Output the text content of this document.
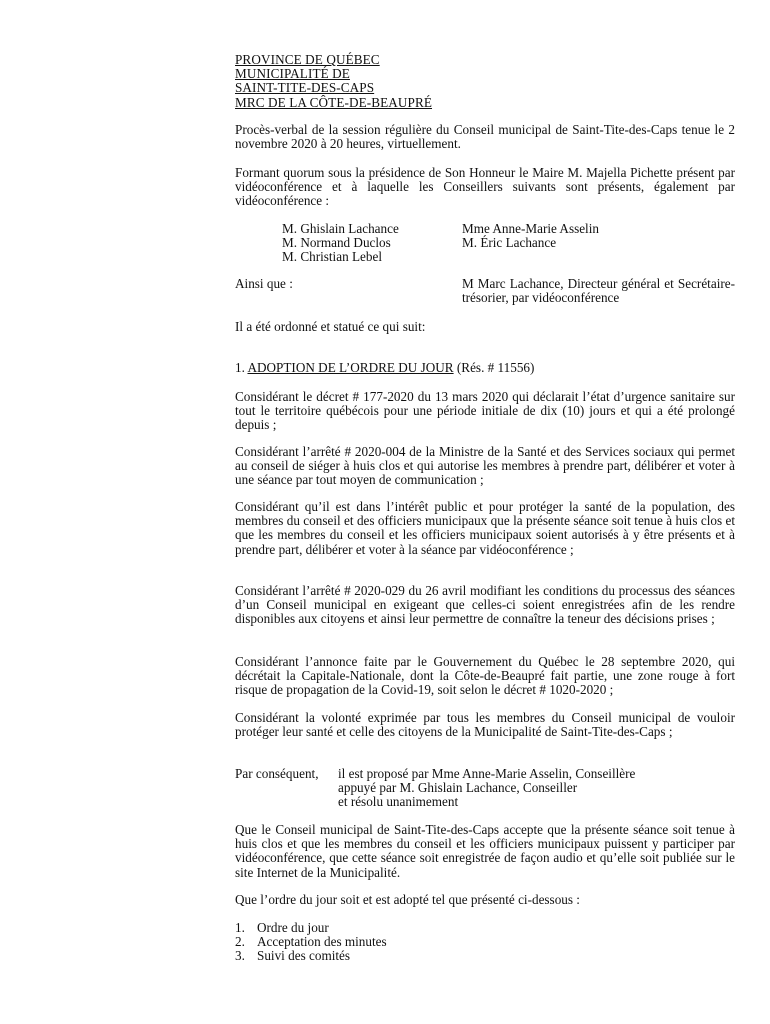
PROVINCE DE QUÉBEC
MUNICIPALITÉ DE
SAINT-TITE-DES-CAPS
MRC DE LA CÔTE-DE-BEAUPRÉ

Procès-verbal de la session régulière du Conseil municipal de Saint-Tite-des-Caps tenue le 2 novembre 2020 à 20 heures, virtuellement.

Formant quorum sous la présidence de Son Honneur le Maire M. Majella Pichette présent par vidéoconférence et à laquelle les Conseillers suivants sont présents, également par vidéoconférence :

M. Ghislain Lachance
M. Normand Duclos
M. Christian Lebel
Mme Anne-Marie Asselin
M. Éric Lachance
Ainsi que :	M Marc Lachance, Directeur général et Secrétaire-trésorier, par vidéoconférence

Il a été ordonné et statué ce qui suit:

1. ADOPTION DE L’ORDRE DU JOUR (Rés. # 11556)

Considérant le décret # 177-2020 du 13 mars 2020 qui déclarait l’état d’urgence sanitaire sur tout le territoire québécois pour une période initiale de dix (10) jours et qui a été prolongé depuis ;

Considérant l’arrêté # 2020-004 de la Ministre de la Santé et des Services sociaux qui permet au conseil de siéger à huis clos et qui autorise les membres à prendre part, délibérer et voter à une séance par tout moyen de communication ;

Considérant qu’il est dans l’intérêt public et pour protéger la santé de la population, des membres du conseil et des officiers municipaux que la présente séance soit tenue à huis clos et que les membres du conseil et les officiers municipaux soient autorisés à y être présents et à prendre part, délibérer et voter à la séance par vidéoconférence ;

Considérant l’arrêté # 2020-029 du 26 avril modifiant les conditions du processus des séances d’un Conseil municipal en exigeant que celles-ci soient enregistrées afin de les rendre disponibles aux citoyens et ainsi leur permettre de connaître la teneur des décisions prises ;

Considérant l’annonce faite par le Gouvernement du Québec le 28 septembre 2020, qui décrétait la Capitale-Nationale, dont la Côte-de-Beaupré fait partie, une zone rouge à fort risque de propagation de la Covid-19, soit selon le décret # 1020-2020 ;

Considérant la volonté exprimée par tous les membres du Conseil municipal de vouloir protéger leur santé et celle des citoyens de la Municipalité de Saint-Tite-des-Caps ;

Par conséquent, il est proposé par Mme Anne-Marie Asselin, Conseillère
appuyé par M. Ghislain Lachance, Conseiller
et résolu unanimement

Que le Conseil municipal de Saint-Tite-des-Caps accepte que la présente séance soit tenue à huis clos et que les membres du conseil et les officiers municipaux puissent y participer par vidéoconférence, que cette séance soit enregistrée de façon audio et qu’elle soit publiée sur le site Internet de la Municipalité.

Que l’ordre du jour soit et est adopté tel que présenté ci-dessous :

1. Ordre du jour
2. Acceptation des minutes
3. Suivi des comités
